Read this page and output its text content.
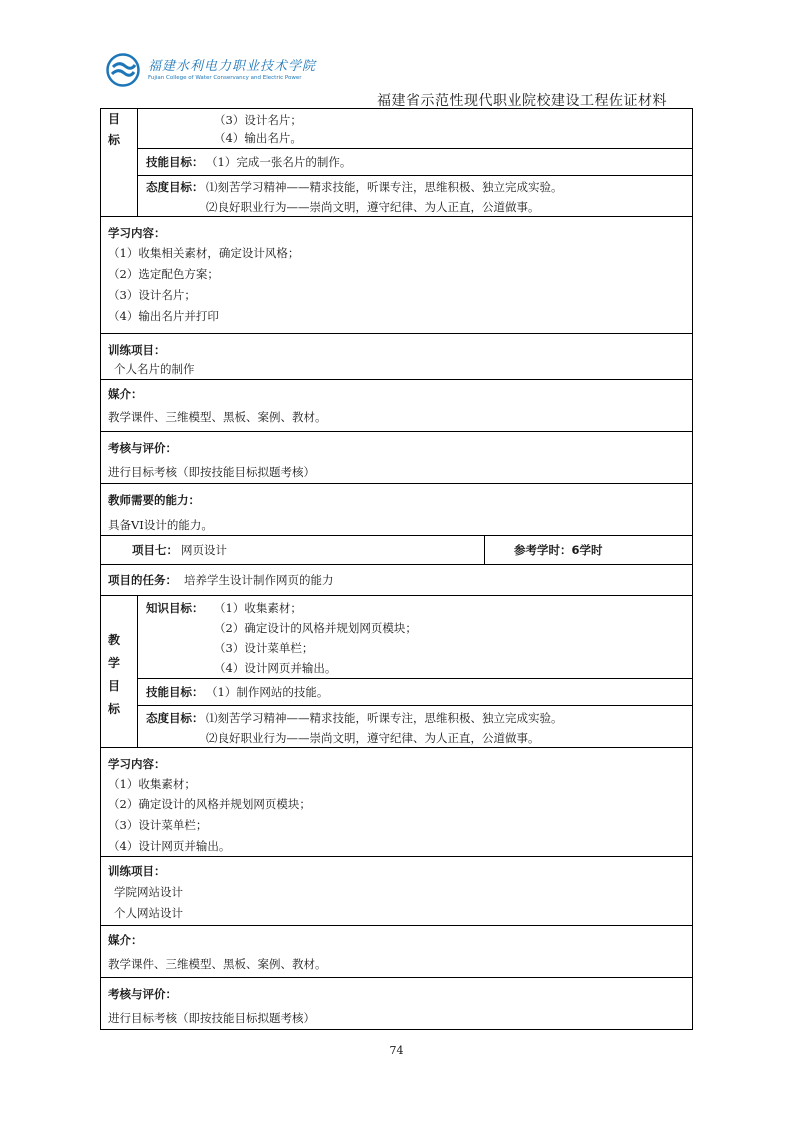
福建水利电力职业技术学院
Fujian College of Water Conservancy and Electric Power
福建省示范性现代职业院校建设工程佐证材料
目
标
（3）设计名片；
（4）输出名片。
技能目标： （1）完成一张名片的制作。
态度目标： ⑴刻苦学习精神——精求技能，听课专注，思维积极、独立完成实验。
⑵良好职业行为——崇尚文明，遵守纪律、为人正直，公道做事。
学习内容：
（1）收集相关素材，确定设计风格；
（2）选定配色方案；
（3）设计名片；
（4）输出名片并打印
训练项目：
个人名片的制作
媒介：
教学课件、三维模型、黑板、案例、教材。
考核与评价：
进行目标考核（即按技能目标拟题考核）
教师需要的能力：
具备VI设计的能力。
项目七： 网页设计	参考学时：6学时
项目的任务： 培养学生设计制作网页的能力
教
学
目
标
知识目标： （1）收集素材；
（2）确定设计的风格并规划网页模块；
（3）设计菜单栏；
（4）设计网页并输出。
技能目标： （1）制作网站的技能。
态度目标： ⑴刻苦学习精神——精求技能，听课专注，思维积极、独立完成实验。
⑵良好职业行为——崇尚文明，遵守纪律、为人正直，公道做事。
学习内容：
（1）收集素材；
（2）确定设计的风格并规划网页模块；
（3）设计菜单栏；
（4）设计网页并输出。
训练项目：
学院网站设计
个人网站设计
媒介：
教学课件、三维模型、黑板、案例、教材。
考核与评价：
进行目标考核（即按技能目标拟题考核）
74
